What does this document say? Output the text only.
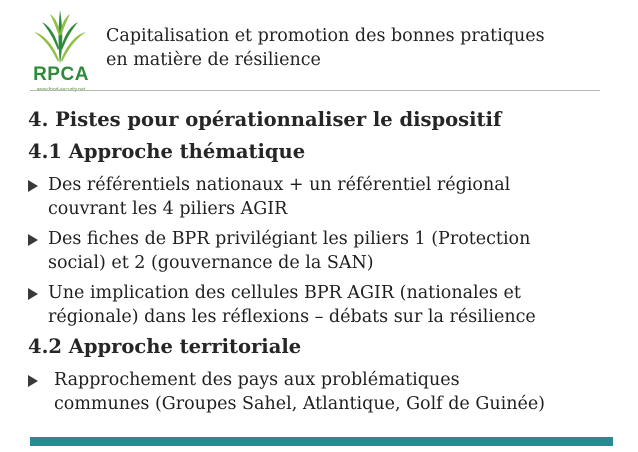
RPCA
www.food-security.net
Capitalisation et promotion des bonnes pratiques
en matière de résilience

4. Pistes pour opérationnaliser le dispositif

4.1 Approche thématique

Des référentiels nationaux + un référentiel régional
couvrant les 4 piliers AGIR
Des fiches de BPR privilégiant les piliers 1 (Protection
social) et 2 (gouvernance de la SAN)
Une implication des cellules BPR AGIR (nationales et
régionale) dans les réflexions – débats sur la résilience

4.2 Approche territoriale

Rapprochement des pays aux problématiques
communes (Groupes Sahel, Atlantique, Golf de Guinée)
